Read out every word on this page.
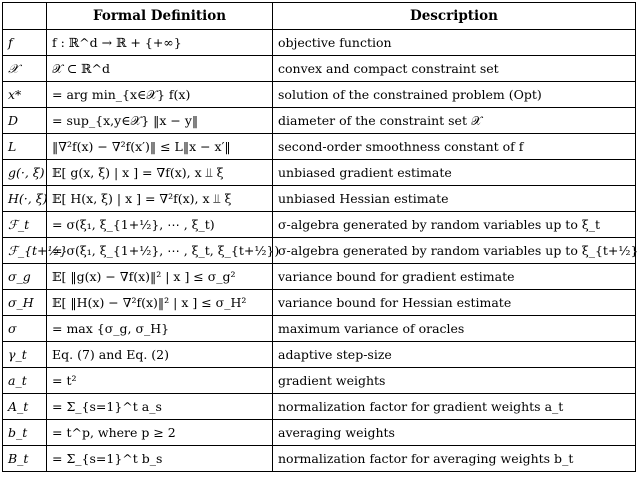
	Formal Definition	Description
f	f : ℝ^d → ℝ + {+∞}	objective function
𝒳	𝒳 ⊂ ℝ^d	convex and compact constraint set
x*	= arg min_{x∈𝒳} f(x)	solution of the constrained problem (Opt)
D	= sup_{x,y∈𝒳} ‖x − y‖	diameter of the constraint set 𝒳
L	‖∇²f(x) − ∇²f(x′)‖ ≤ L‖x − x′‖	second-order smoothness constant of f
g(·, ξ)	𝔼[ g(x, ξ) | x ] = ∇f(x), x ⫫ ξ	unbiased gradient estimate
H(·, ξ)	𝔼[ H(x, ξ) | x ] = ∇²f(x), x ⫫ ξ	unbiased Hessian estimate
ℱ_t	= σ(ξ₁, ξ_{1+½}, ⋯ , ξ_t)	σ-algebra generated by random variables up to ξ_t
ℱ_{t+½}	= σ(ξ₁, ξ_{1+½}, ⋯ , ξ_t, ξ_{t+½})	σ-algebra generated by random variables up to ξ_{t+½}
σ_g	𝔼[ ‖g(x) − ∇f(x)‖² | x ] ≤ σ_g²	variance bound for gradient estimate
σ_H	𝔼[ ‖H(x) − ∇²f(x)‖² | x ] ≤ σ_H²	variance bound for Hessian estimate
σ	= max {σ_g, σ_H}	maximum variance of oracles
γ_t	Eq. (7) and Eq. (2)	adaptive step-size
a_t	= t²	gradient weights
A_t	= Σ_{s=1}^t a_s	normalization factor for gradient weights a_t
b_t	= t^p, where p ≥ 2	averaging weights
B_t	= Σ_{s=1}^t b_s	normalization factor for averaging weights b_t
